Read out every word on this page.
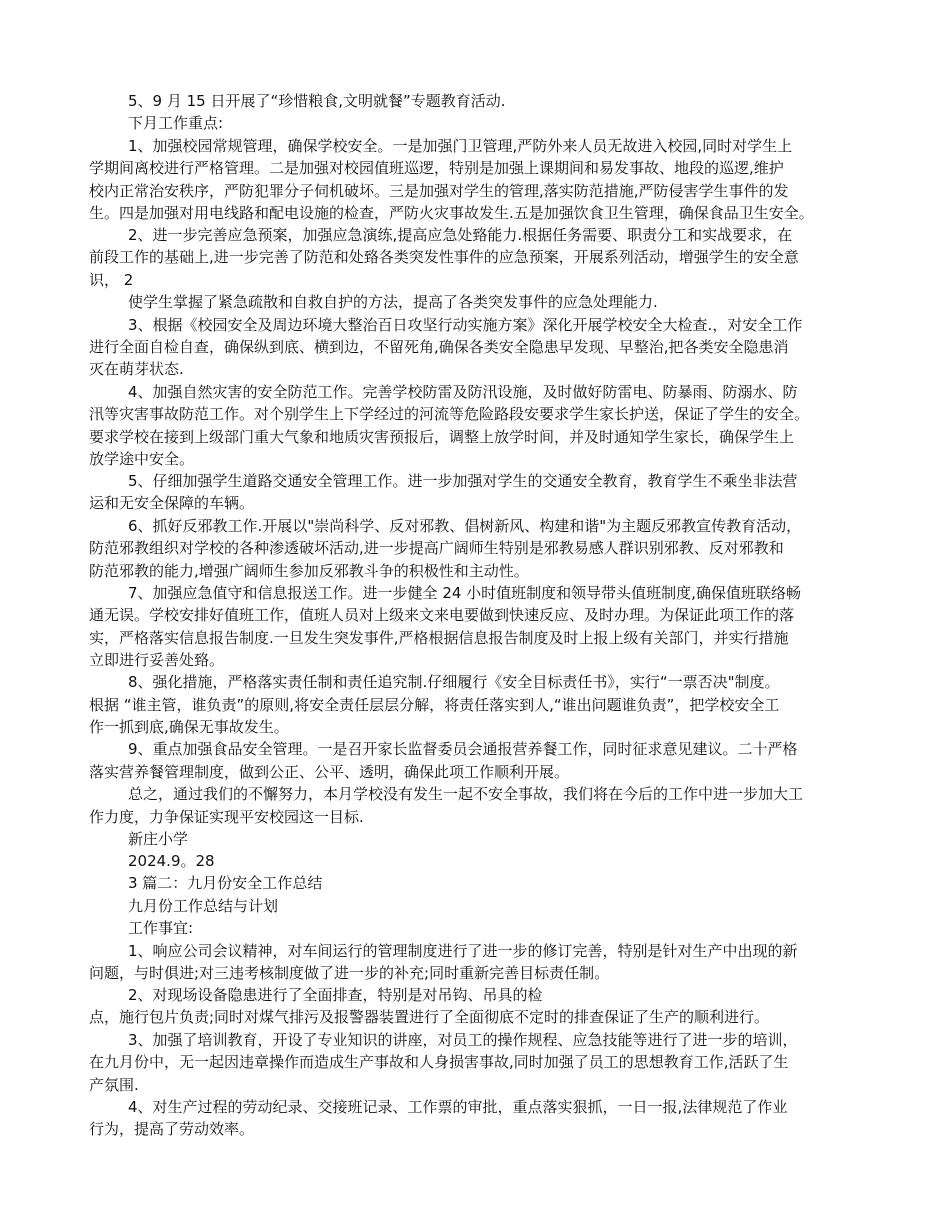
5、9 月 15 日开展了“珍惜粮食,文明就餐”专题教育活动.
下月工作重点:
1、加强校园常规管理，确保学校安全。一是加强门卫管理,严防外来人员无故进入校园,同时对学生上
学期间离校进行严格管理。二是加强对校园值班巡逻，特别是加强上课期间和易发事故、地段的巡逻,维护
校内正常治安秩序，严防犯罪分子伺机破坏。三是加强对学生的管理,落实防范措施,严防侵害学生事件的发
生。四是加强对用电线路和配电设施的检查，严防火灾事故发生.五是加强饮食卫生管理，确保食品卫生安全。
2、进一步完善应急预案，加强应急演练,提高应急处臵能力.根据任务需要、职责分工和实战要求，在
前段工作的基础上,进一步完善了防范和处臵各类突发性事件的应急预案，开展系列活动，增强学生的安全意
识， 2
使学生掌握了紧急疏散和自救自护的方法，提高了各类突发事件的应急处理能力.
3、根据《校园安全及周边环境大整治百日攻坚行动实施方案》深化开展学校安全大检查.，对安全工作
进行全面自检自查，确保纵到底、横到边，不留死角,确保各类安全隐患早发现、早整治,把各类安全隐患消
灭在萌芽状态.
4、加强自然灾害的安全防范工作。完善学校防雷及防汛设施，及时做好防雷电、防暴雨、防溺水、防
汛等灾害事故防范工作。对个别学生上下学经过的河流等危险路段安要求学生家长护送，保证了学生的安全。
要求学校在接到上级部门重大气象和地质灾害预报后，调整上放学时间，并及时通知学生家长，确保学生上
放学途中安全。
5、仔细加强学生道路交通安全管理工作。进一步加强对学生的交通安全教育，教育学生不乘坐非法营
运和无安全保障的车辆。
6、抓好反邪教工作.开展以"崇尚科学、反对邪教、倡树新风、构建和谐"为主题反邪教宣传教育活动，
防范邪教组织对学校的各种渗透破坏活动,进一步提高广阔师生特别是邪教易感人群识别邪教、反对邪教和
防范邪教的能力,增强广阔师生参加反邪教斗争的积极性和主动性。
7、加强应急值守和信息报送工作。进一步健全 24 小时值班制度和领导带头值班制度,确保值班联络畅
通无误。学校安排好值班工作，值班人员对上级来文来电要做到快速反应、及时办理。为保证此项工作的落
实，严格落实信息报告制度.一旦发生突发事件,严格根据信息报告制度及时上报上级有关部门，并实行措施
立即进行妥善处臵。
8、强化措施，严格落实责任制和责任追究制.仔细履行《安全目标责任书》，实行“一票否决"制度。
根据 “谁主管，谁负责”的原则,将安全责任层层分解，将责任落实到人,“谁出问题谁负责”，把学校安全工
作一抓到底,确保无事故发生。
9、重点加强食品安全管理。一是召开家长监督委员会通报营养餐工作，同时征求意见建议。二十严格
落实营养餐管理制度，做到公正、公平、透明，确保此项工作顺利开展。
总之，通过我们的不懈努力，本月学校没有发生一起不安全事故，我们将在今后的工作中进一步加大工
作力度，力争保证实现平安校园这一目标.
新庄小学
2024.9。28
3 篇二：九月份安全工作总结
九月份工作总结与计划
工作事宜:
1、响应公司会议精神，对车间运行的管理制度进行了进一步的修订完善，特别是针对生产中出现的新
问题，与时俱进;对三违考核制度做了进一步的补充;同时重新完善目标责任制。
2、对现场设备隐患进行了全面排查，特别是对吊钩、吊具的检
点，施行包片负责;同时对煤气排污及报警器装置进行了全面彻底不定时的排查保证了生产的顺利进行。
3、加强了培训教育，开设了专业知识的讲座，对员工的操作规程、应急技能等进行了进一步的培训，
在九月份中，无一起因违章操作而造成生产事故和人身损害事故,同时加强了员工的思想教育工作,活跃了生
产氛围.
4、对生产过程的劳动纪录、交接班记录、工作票的审批，重点落实狠抓，一日一报,法律规范了作业
行为，提高了劳动效率。
